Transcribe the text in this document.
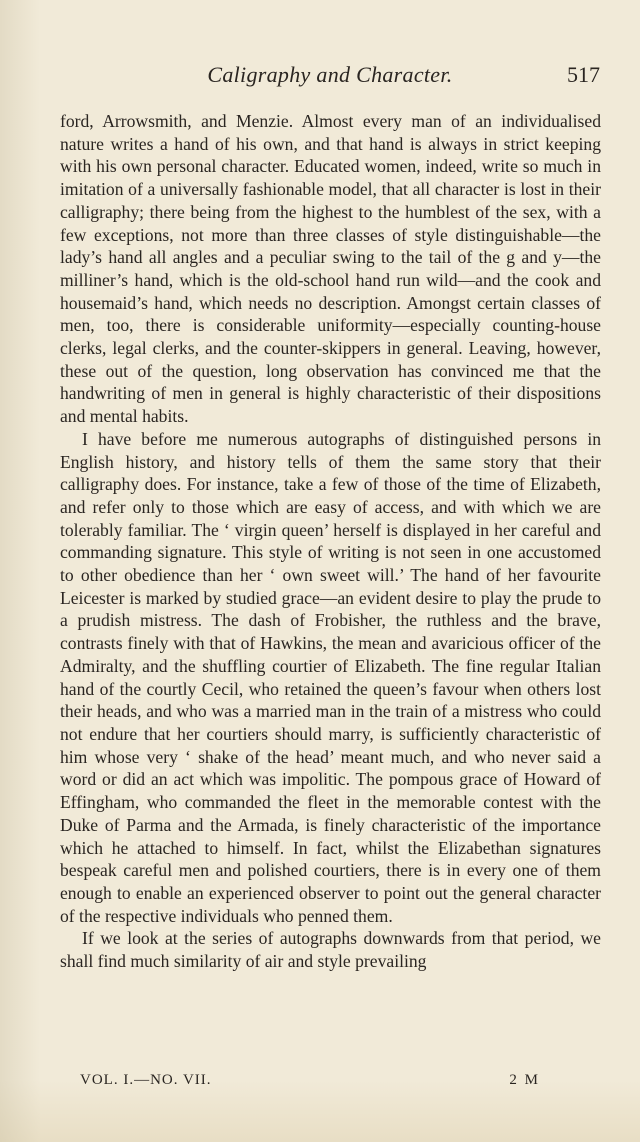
Caligraphy and Character.	517

ford, Arrowsmith, and Menzie. Almost every man of an individualised nature writes a hand of his own, and that hand is always in strict keeping with his own personal character. Educated women, indeed, write so much in imitation of a universally fashionable model, that all character is lost in their calligraphy; there being from the highest to the humblest of the sex, with a few exceptions, not more than three classes of style distinguishable—the lady’s hand all angles and a peculiar swing to the tail of the g and y—the milliner’s hand, which is the old-school hand run wild—and the cook and housemaid’s hand, which needs no description. Amongst certain classes of men, too, there is considerable uniformity—especially counting-house clerks, legal clerks, and the counter-skippers in general. Leaving, however, these out of the question, long observation has convinced me that the handwriting of men in general is highly characteristic of their dispositions and mental habits.

I have before me numerous autographs of distinguished persons in English history, and history tells of them the same story that their calligraphy does. For instance, take a few of those of the time of Elizabeth, and refer only to those which are easy of access, and with which we are tolerably familiar. The ‘ virgin queen’ herself is displayed in her careful and commanding signature. This style of writing is not seen in one accustomed to other obedience than her ‘ own sweet will.’ The hand of her favourite Leicester is marked by studied grace—an evident desire to play the prude to a prudish mistress. The dash of Frobisher, the ruthless and the brave, contrasts finely with that of Hawkins, the mean and avaricious officer of the Admiralty, and the shuffling courtier of Elizabeth. The fine regular Italian hand of the courtly Cecil, who retained the queen’s favour when others lost their heads, and who was a married man in the train of a mistress who could not endure that her courtiers should marry, is sufficiently characteristic of him whose very ‘ shake of the head’ meant much, and who never said a word or did an act which was impolitic. The pompous grace of Howard of Effingham, who commanded the fleet in the memorable contest with the Duke of Parma and the Armada, is finely characteristic of the importance which he attached to himself. In fact, whilst the Elizabethan signatures bespeak careful men and polished courtiers, there is in every one of them enough to enable an experienced observer to point out the general character of the respective individuals who penned them.

If we look at the series of autographs downwards from that period, we shall find much similarity of air and style prevailing

VOL. I.—NO. VII.	2 M
